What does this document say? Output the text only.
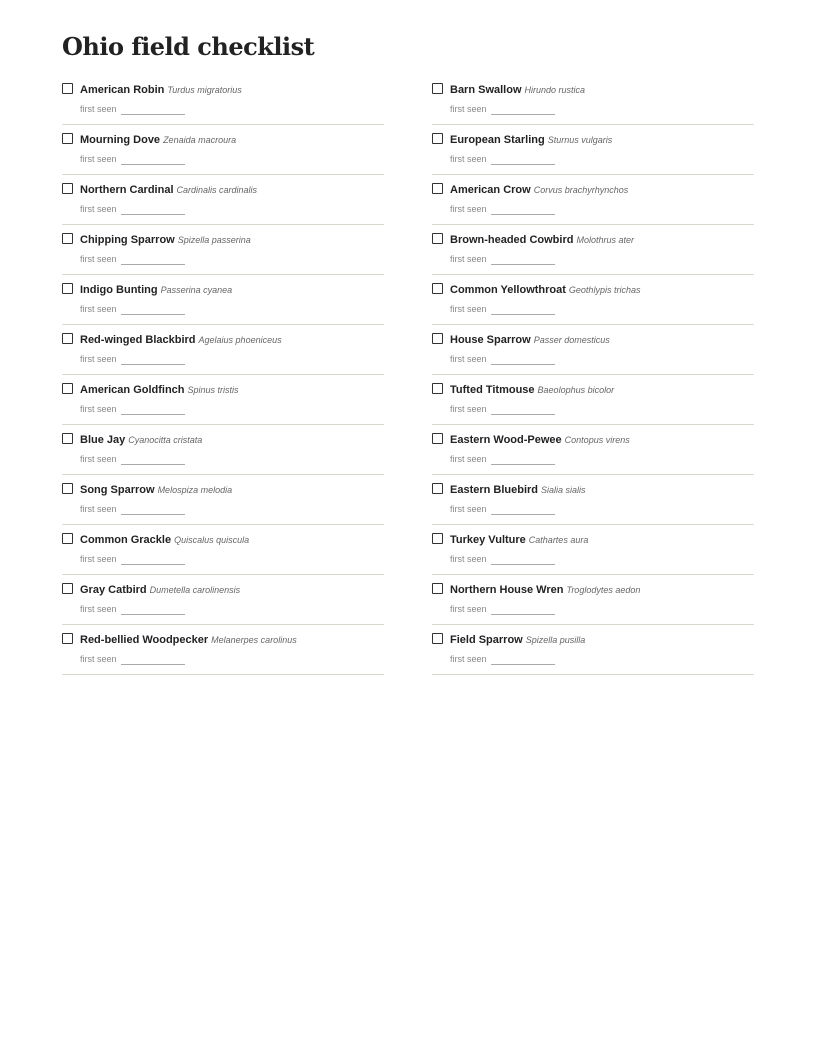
Ohio field checklist
American Robin Turdus migratorius
first seen
Mourning Dove Zenaida macroura
first seen
Northern Cardinal Cardinalis cardinalis
first seen
Chipping Sparrow Spizella passerina
first seen
Indigo Bunting Passerina cyanea
first seen
Red-winged Blackbird Agelaius phoeniceus
first seen
American Goldfinch Spinus tristis
first seen
Blue Jay Cyanocitta cristata
first seen
Song Sparrow Melospiza melodia
first seen
Common Grackle Quiscalus quiscula
first seen
Gray Catbird Dumetella carolinensis
first seen
Red-bellied Woodpecker Melanerpes carolinus
first seen
Barn Swallow Hirundo rustica
first seen
European Starling Sturnus vulgaris
first seen
American Crow Corvus brachyrhynchos
first seen
Brown-headed Cowbird Molothrus ater
first seen
Common Yellowthroat Geothlypis trichas
first seen
House Sparrow Passer domesticus
first seen
Tufted Titmouse Baeolophus bicolor
first seen
Eastern Wood-Pewee Contopus virens
first seen
Eastern Bluebird Sialia sialis
first seen
Turkey Vulture Cathartes aura
first seen
Northern House Wren Troglodytes aedon
first seen
Field Sparrow Spizella pusilla
first seen
